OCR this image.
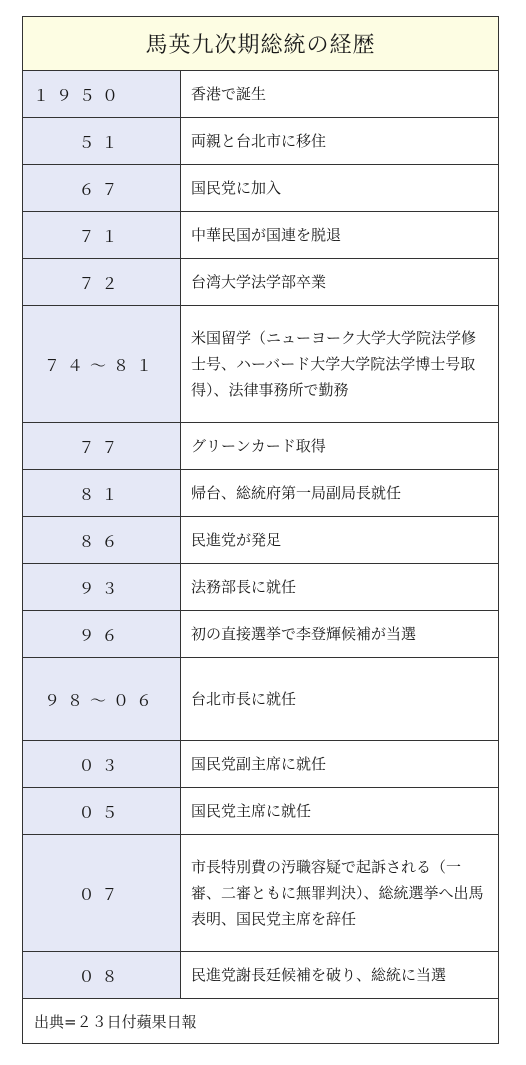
馬英九次期総統の経歴
１９５０	香港で誕生
５１	両親と台北市に移住
６７	国民党に加入
７１	中華民国が国連を脱退
７２	台湾大学法学部卒業
７４〜８１	米国留学（ニューヨーク大学大学院法学修士号、ハーバード大学大学院法学博士号取得）、法律事務所で勤務
７７	グリーンカード取得
８１	帰台、総統府第一局副局長就任
８６	民進党が発足
９３	法務部長に就任
９６	初の直接選挙で李登輝候補が当選
９８〜０６	台北市長に就任
０３	国民党副主席に就任
０５	国民党主席に就任
０７	市長特別費の汚職容疑で起訴される（一審、二審ともに無罪判決）、総統選挙へ出馬表明、国民党主席を辞任
０８	民進党謝長廷候補を破り、総統に当選
出典=２３日付蘋果日報
